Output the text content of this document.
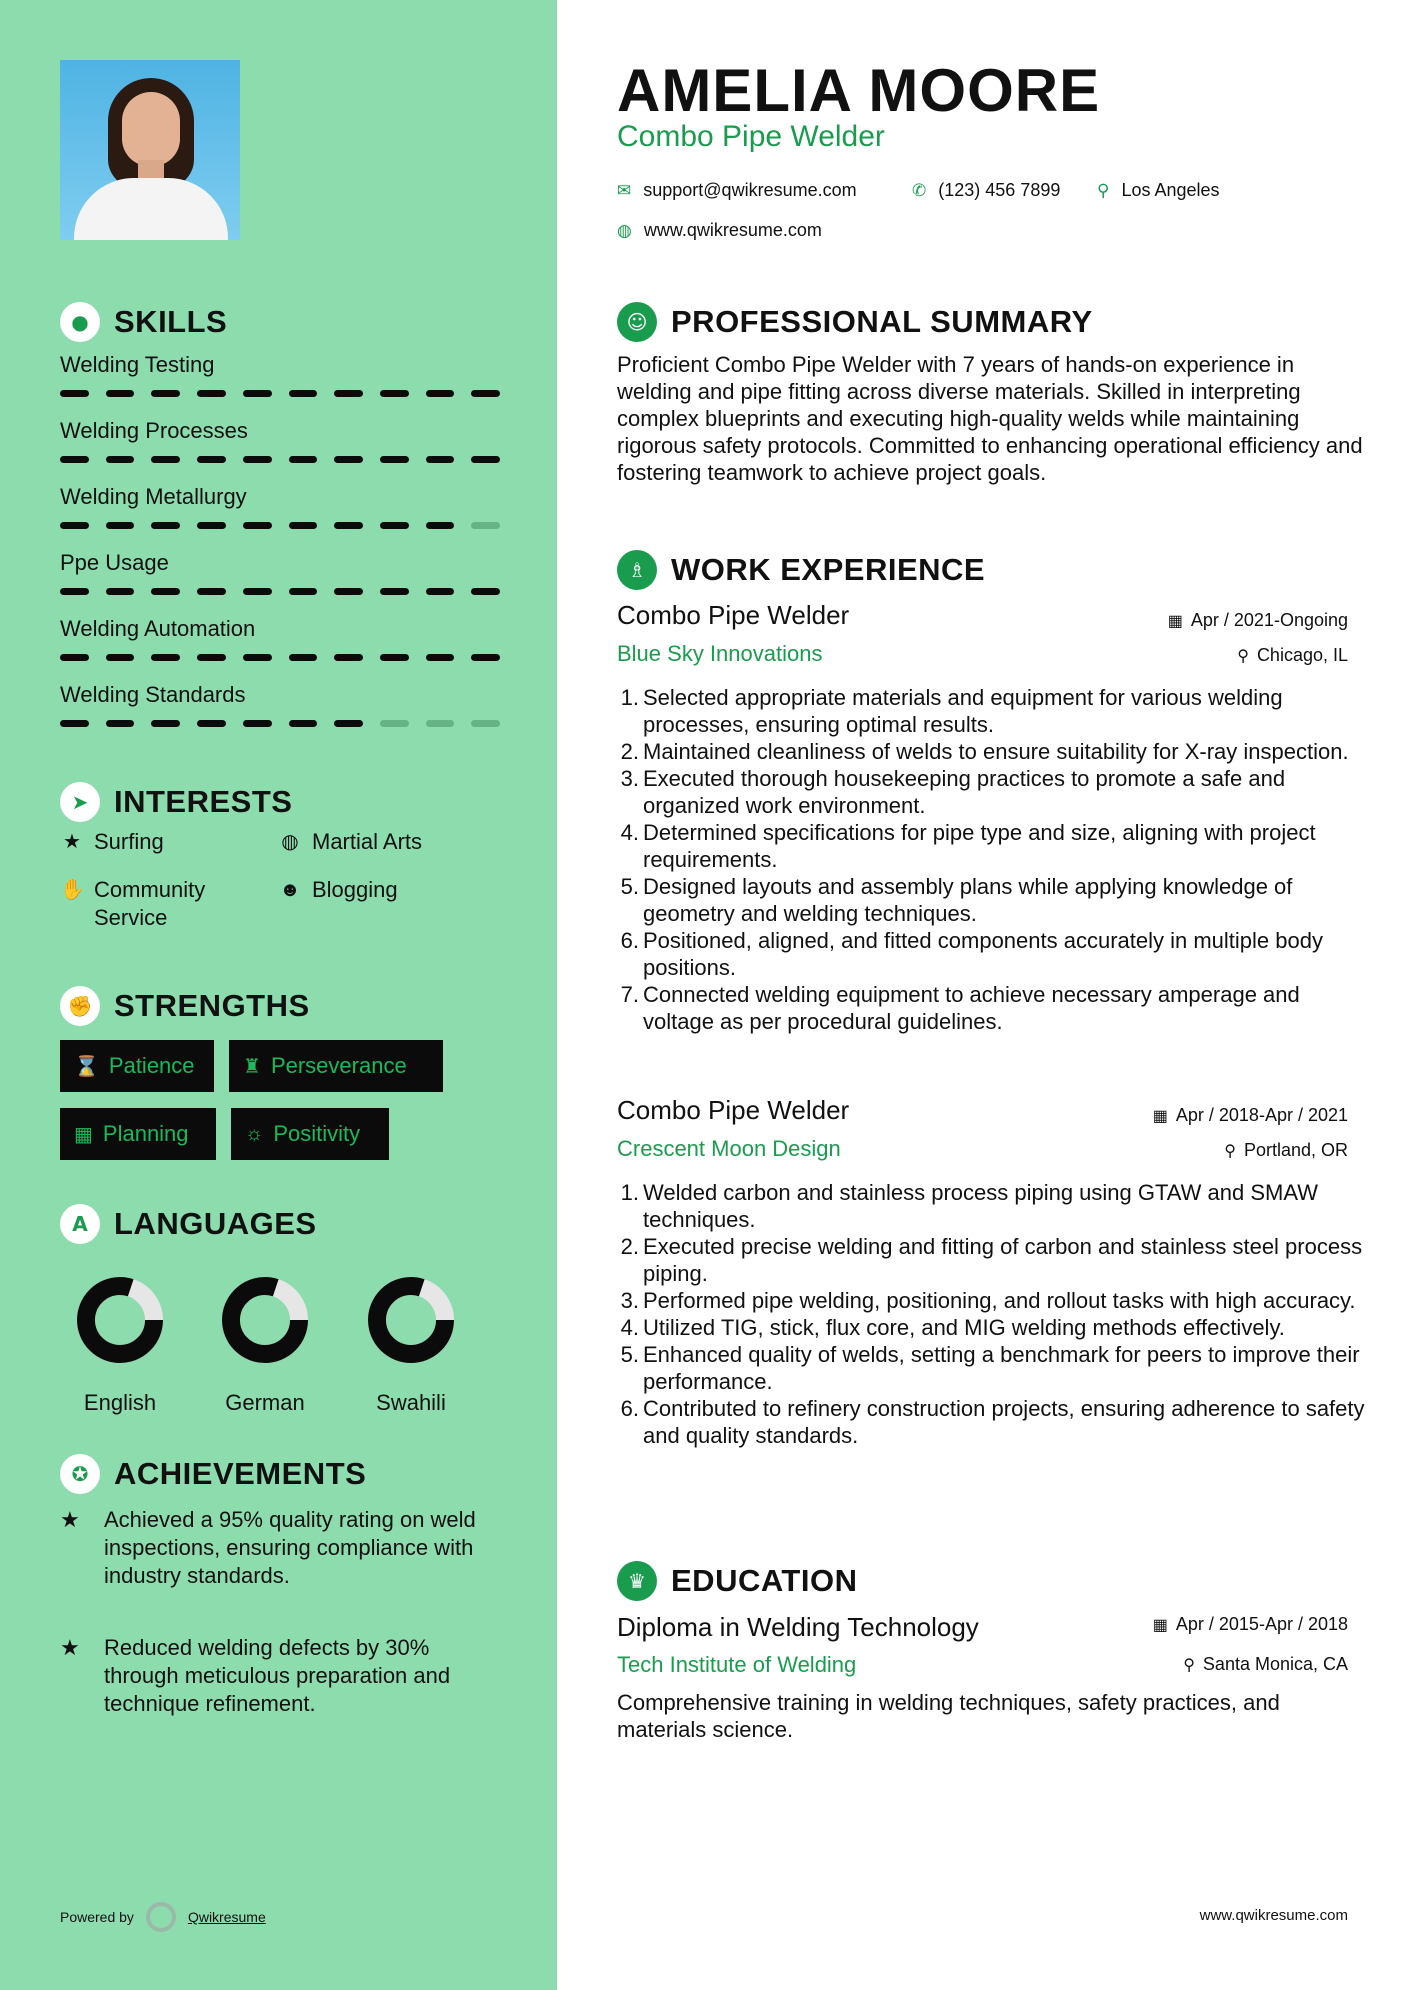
● SKILLS
Welding Testing
Welding Processes
Welding Metallurgy
Ppe Usage
Welding Automation
Welding Standards
➤ INTERESTS
★ Surfing	◍ Martial Arts
✋ Community Service
☻ Blogging
✊ STRENGTHS
⌛ Patience ♜ Perseverance
▦ Planning	☼ Positivity
A LANGUAGES
English	German	Swahili
✪ ACHIEVEMENTS
★	Achieved a 95% quality rating on weld inspections, ensuring compliance with industry standards.
★	Reduced welding defects by 30% through meticulous preparation and technique refinement.
Powered by	Qwikresume
AMELIA MOORE
Combo Pipe Welder
✉ support@qwikresume.com	✆ (123) 456 7899 ⚲ Los Angeles
◍ www.qwikresume.com
☺ PROFESSIONAL SUMMARY
Proficient Combo Pipe Welder with 7 years of hands-on experience in welding and pipe fitting across diverse materials. Skilled in interpreting complex blueprints and executing high-quality welds while maintaining rigorous safety protocols. Committed to enhancing operational efficiency and fostering teamwork to achieve project goals.
♗ WORK EXPERIENCE
Combo Pipe Welder	▦ Apr / 2021-Ongoing
Blue Sky Innovations	⚲ Chicago, IL
1. Selected appropriate materials and equipment for various welding processes, ensuring optimal results.
2. Maintained cleanliness of welds to ensure suitability for X-ray inspection.
3. Executed thorough housekeeping practices to promote a safe and organized work environment.
4. Determined specifications for pipe type and size, aligning with project requirements.
5. Designed layouts and assembly plans while applying knowledge of geometry and welding techniques.
6. Positioned, aligned, and fitted components accurately in multiple body positions.
7. Connected welding equipment to achieve necessary amperage and voltage as per procedural guidelines.
Combo Pipe Welder	▦ Apr / 2018-Apr / 2021
Crescent Moon Design	⚲ Portland, OR
1. Welded carbon and stainless process piping using GTAW and SMAW techniques.
2. Executed precise welding and fitting of carbon and stainless steel process piping.
3. Performed pipe welding, positioning, and rollout tasks with high accuracy.
4. Utilized TIG, stick, flux core, and MIG welding methods effectively.
5. Enhanced quality of welds, setting a benchmark for peers to improve their performance.
6. Contributed to refinery construction projects, ensuring adherence to safety and quality standards.
♛ EDUCATION
Diploma in Welding Technology	▦ Apr / 2015-Apr / 2018
Tech Institute of Welding	⚲ Santa Monica, CA
Comprehensive training in welding techniques, safety practices, and materials science.
www.qwikresume.com
